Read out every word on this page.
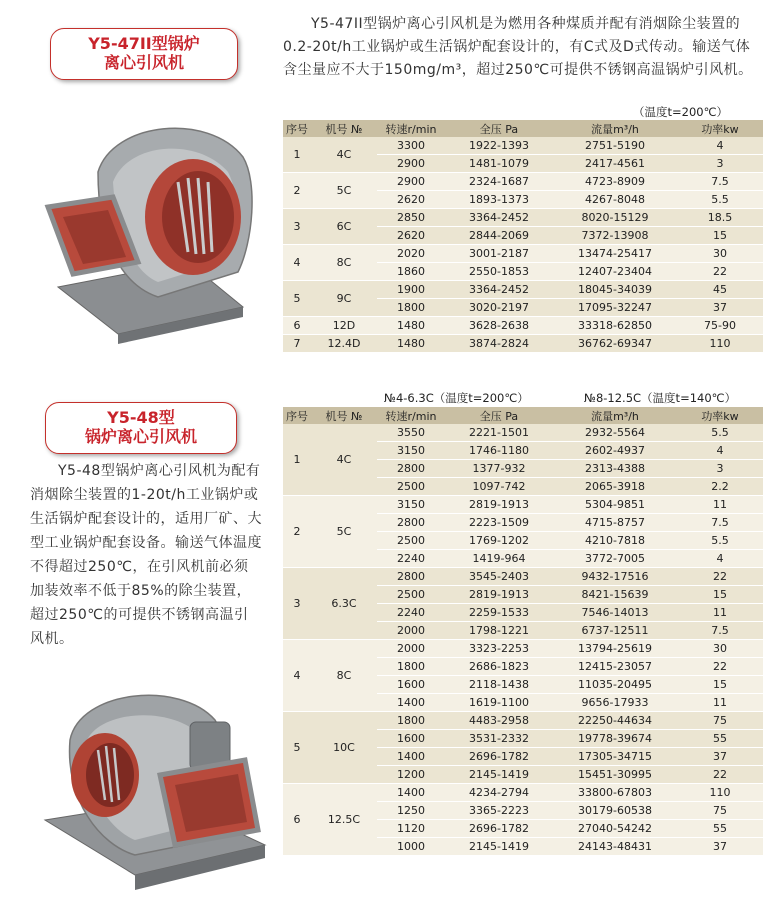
Y5-47II型锅炉
离心引风机
Y5-47II型锅炉离心引风机是为燃用各种煤质并配有消烟除尘装置的0.2-20t/h工业锅炉或生活锅炉配套设计的，有C式及D式传动。输送气体含尘量应不大于150mg/m³，超过250℃可提供不锈钢高温锅炉引风机。
（温度t=200℃）
序号	机号 №	转速r/min	全压 Pa	流量m³/h	功率kw
1	4C	3300	1922-1393	2751-5190	4
		2900	1481-1079	2417-4561	3
2	5C	2900	2324-1687	4723-8909	7.5
		2620	1893-1373	4267-8048	5.5
3	6C	2850	3364-2452	8020-15129	18.5
		2620	2844-2069	7372-13908	15
4	8C	2020	3001-2187	13474-25417	30
		1860	2550-1853	12407-23404	22
5	9C	1900	3364-2452	18045-34039	45
		1800	3020-2197	17095-32247	37
6	12D	1480	3628-2638	33318-62850	75-90
7	12.4D	1480	3874-2824	36762-69347	110
Y5-48型
锅炉离心引风机
Y5-48型锅炉离心引风机为配有消烟除尘装置的1-20t/h工业锅炉或生活锅炉配套设计的，适用厂矿、大型工业锅炉配套设备。输送气体温度不得超过250℃，在引风机前必须加装效率不低于85%的除尘装置，超过250℃的可提供不锈钢高温引风机。
№4-6.3C（温度t=200℃）	№8-12.5C（温度t=140℃）
序号	机号 №	转速r/min	全压 Pa	流量m³/h	功率kw
1	4C	3550	2221-1501	2932-5564	5.5
		3150	1746-1180	2602-4937	4
		2800	1377-932	2313-4388	3
		2500	1097-742	2065-3918	2.2
2	5C	3150	2819-1913	5304-9851	11
		2800	2223-1509	4715-8757	7.5
		2500	1769-1202	4210-7818	5.5
		2240	1419-964	3772-7005	4
3	6.3C	2800	3545-2403	9432-17516	22
		2500	2819-1913	8421-15639	15
		2240	2259-1533	7546-14013	11
		2000	1798-1221	6737-12511	7.5
4	8C	2000	3323-2253	13794-25619	30
		1800	2686-1823	12415-23057	22
		1600	2118-1438	11035-20495	15
		1400	1619-1100	9656-17933	11
5	10C	1800	4483-2958	22250-44634	75
		1600	3531-2332	19778-39674	55
		1400	2696-1782	17305-34715	37
		1200	2145-1419	15451-30995	22
6	12.5C	1400	4234-2794	33800-67803	110
		1250	3365-2223	30179-60538	75
		1120	2696-1782	27040-54242	55
		1000	2145-1419	24143-48431	37
